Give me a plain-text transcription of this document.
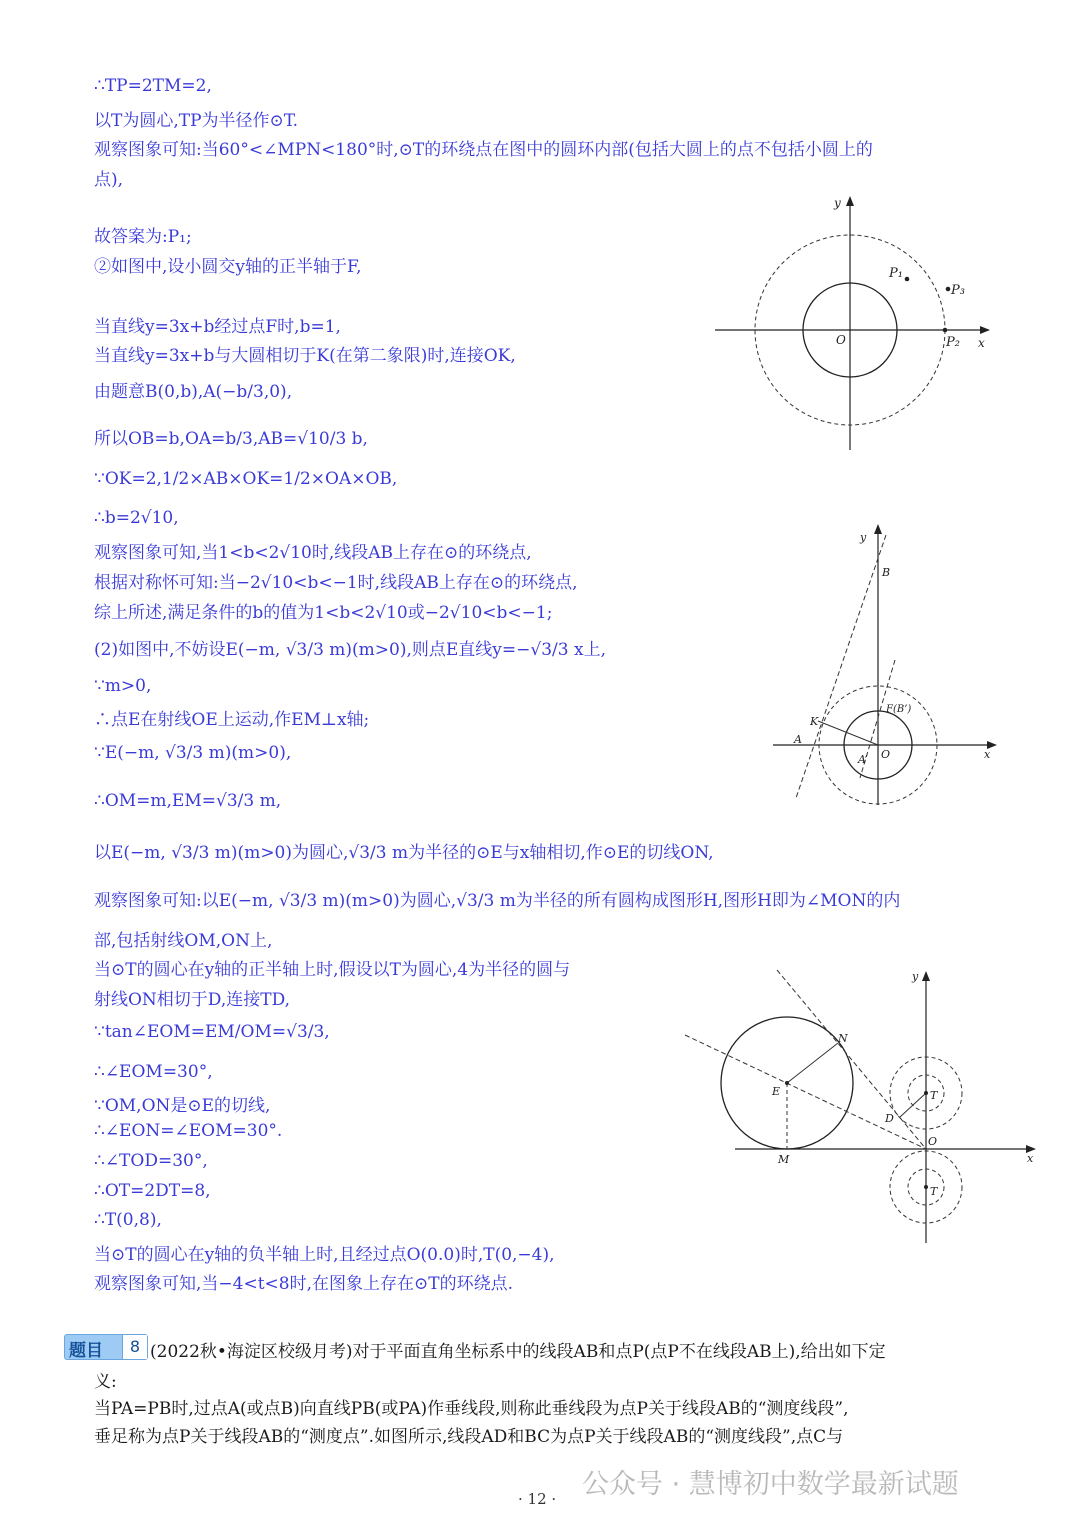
∴TP=2TM=2,
以T为圆心,TP为半径作⊙T.
观察图象可知:当60°<∠MPN<180°时,⊙T的环绕点在图中的圆环内部(包括大圆上的点不包括小圆上的
点),
故答案为:P₁;
②如图中,设小圆交y轴的正半轴于F,
当直线y=3x+b经过点F时,b=1,
当直线y=3x+b与大圆相切于K(在第二象限)时,连接OK,
由题意B(0,b),A(−b/3,0),
所以OB=b,OA=b/3,AB=√10/3 b,
∵OK=2,1/2×AB×OK=1/2×OA×OB,
∴b=2√10,
观察图象可知,当1<b<2√10时,线段AB上存在⊙的环绕点,
根据对称怀可知:当−2√10<b<−1时,线段AB上存在⊙的环绕点,
综上所述,满足条件的b的值为1<b<2√10或−2√10<b<−1;
(2)如图中,不妨设E(−m, √3/3 m)(m>0),则点E直线y=−√3/3 x上,
∵m>0,
∴点E在射线OE上运动,作EM⊥x轴;
∵E(−m, √3/3 m)(m>0),
∴OM=m,EM=√3/3 m,
以E(−m, √3/3 m)(m>0)为圆心,√3/3 m为半径的⊙E与x轴相切,作⊙E的切线ON,
观察图象可知:以E(−m, √3/3 m)(m>0)为圆心,√3/3 m为半径的所有圆构成图形H,图形H即为∠MON的内
部,包括射线OM,ON上,
当⊙T的圆心在y轴的正半轴上时,假设以T为圆心,4为半径的圆与
射线ON相切于D,连接TD,
∵tan∠EOM=EM/OM=√3/3,
∴∠EOM=30°,
∵OM,ON是⊙E的切线,
∴∠EON=∠EOM=30°.
∴∠TOD=30°,
∴OT=2DT=8,
∴T(0,8),
当⊙T的圆心在y轴的负半轴上时,且经过点O(0.0)时,T(0,−4),
观察图象可知,当−4<t<8时,在图象上存在⊙T的环绕点.
y
x
O
P₁
P₂
P₃
y
x
O
B
F(B’)
K
A
A’
y
x
O
N
E
D
M
T
T
题目	8 (2022秋•海淀区校级月考)对于平面直角坐标系中的线段AB和点P(点P不在线段AB上),给出如下定
义:
当PA=PB时,过点A(或点B)向直线PB(或PA)作垂线段,则称此垂线段为点P关于线段AB的“测度线段”,
垂足称为点P关于线段AB的“测度点”.如图所示,线段AD和BC为点P关于线段AB的“测度线段”,点C与
公众号 · 慧博初中数学最新试题
· 12 ·
